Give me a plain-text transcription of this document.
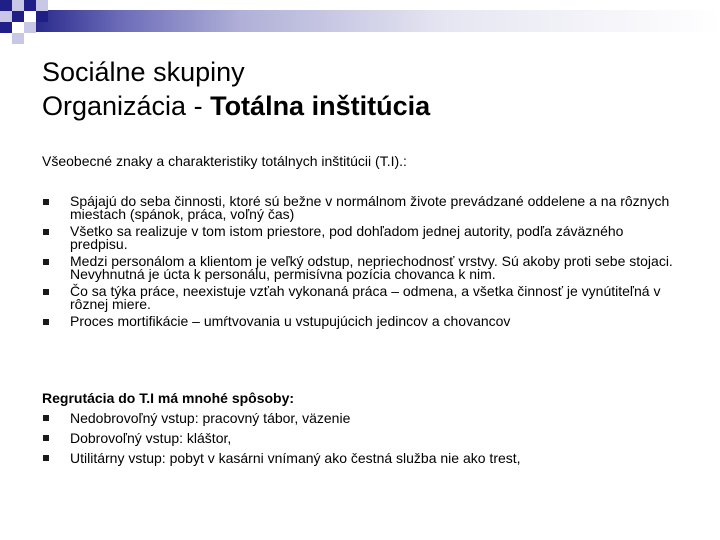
Sociálne skupiny
Organizácia - Totálna inštitúcia

Všeobecné znaky a charakteristiky totálnych inštitúcii (T.I).:

Spájajú do seba činnosti, ktoré sú bežne v normálnom živote prevádzané oddelene a na rôznych miestach (spánok, práca, voľný čas)
Všetko sa realizuje v tom istom priestore, pod dohľadom jednej autority, podľa záväzného predpisu.
Medzi personálom a klientom je veľký odstup, nepriechodnosť vrstvy. Sú akoby proti sebe stojaci. Nevyhnutná je úcta k personálu, permisívna pozícia chovanca k nim.
Čo sa týka práce, neexistuje vzťah vykonaná práca – odmena, a všetka činnosť je vynútiteľná v rôznej miere.
Proces mortifikácie – umŕtvovania u vstupujúcich jedincov a chovancov

Regrutácia do T.I má mnohé spôsoby:

Nedobrovoľný vstup: pracovný tábor, väzenie
Dobrovoľný vstup: kláštor,
Utilitárny vstup: pobyt v kasárni vnímaný ako čestná služba nie ako trest,
